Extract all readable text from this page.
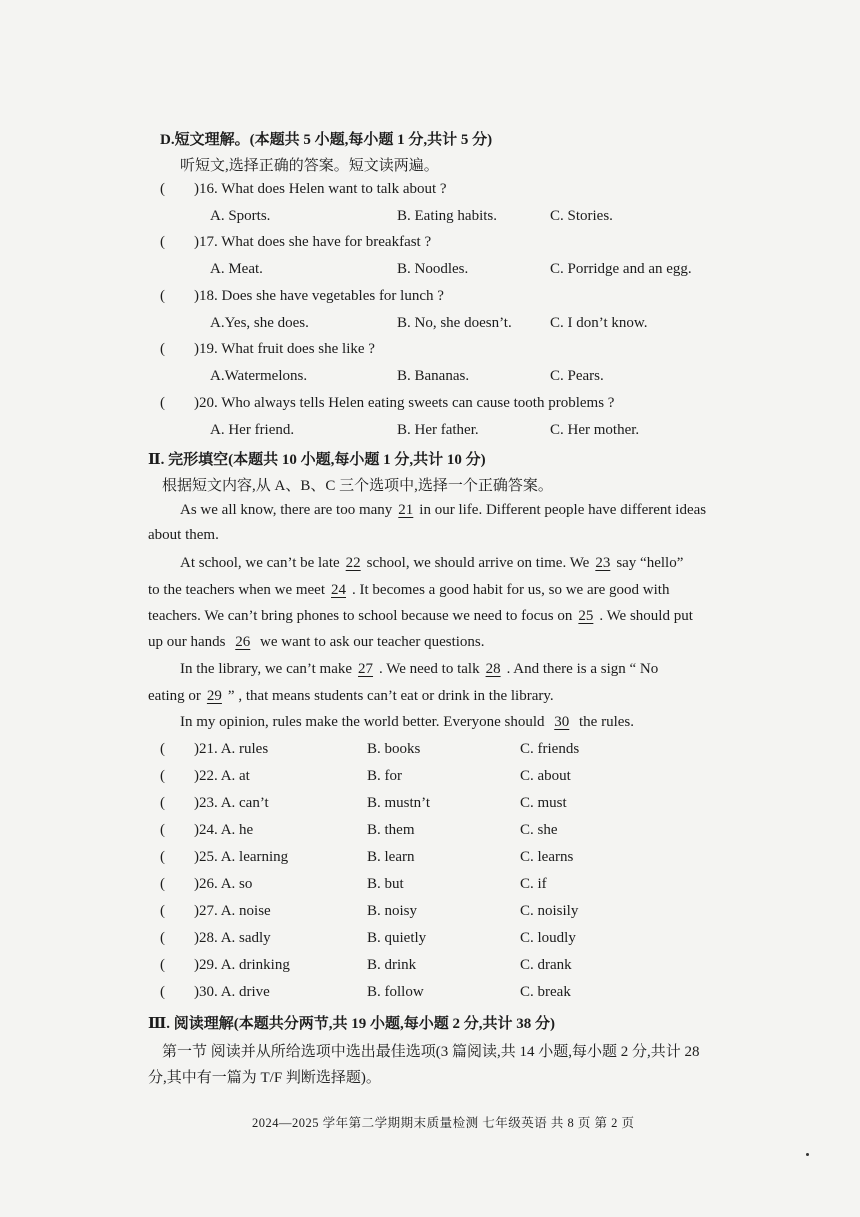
D.短文理解。(本题共 5 小题,每小题 1 分,共计 5 分)
听短文,选择正确的答案。短文读两遍。
( )16. What does Helen want to talk about ?
A. Sports.	B. Eating habits.	C. Stories.
( )17. What does she have for breakfast ?
A. Meat.	B. Noodles.	C. Porridge and an egg.
( )18. Does she have vegetables for lunch ?
A.Yes, she does.	B. No, she doesn’t.	C. I don’t know.
( )19. What fruit does she like ?
A.Watermelons.	B. Bananas.	C. Pears.
( )20. Who always tells Helen eating sweets can cause tooth problems ?
A. Her friend.	B. Her father.	C. Her mother.
Ⅱ. 完形填空(本题共 10 小题,每小题 1 分,共计 10 分)
根据短文内容,从 A、B、C 三个选项中,选择一个正确答案。
As we all know, there are too many 21 in our life. Different people have different ideas
about them.
At school, we can’t be late 22 school, we should arrive on time. We 23 say “hello”
to the teachers when we meet 24 . It becomes a good habit for us, so we are good with
teachers. We can’t bring phones to school because we need to focus on 25 . We should put
up our hands 26 we want to ask our teacher questions.
In the library, we can’t make 27 . We need to talk 28 . And there is a sign “ No
eating or 29 ” , that means students can’t eat or drink in the library.
In my opinion, rules make the world better. Everyone should 30 the rules.
( )21. A. rules	B. books	C. friends
( )22. A. at	B. for	C. about
( )23. A. can’t	B. mustn’t	C. must
( )24. A. he	B. them	C. she
( )25. A. learning	B. learn	C. learns
( )26. A. so	B. but	C. if
( )27. A. noise	B. noisy	C. noisily
( )28. A. sadly	B. quietly	C. loudly
( )29. A. drinking	B. drink	C. drank
( )30. A. drive	B. follow	C. break
Ⅲ. 阅读理解(本题共分两节,共 19 小题,每小题 2 分,共计 38 分)
第一节 阅读并从所给选项中选出最佳选项(3 篇阅读,共 14 小题,每小题 2 分,共计 28
分,其中有一篇为 T/F 判断选择题)。
2024—2025 学年第二学期期末质量检测 七年级英语 共 8 页 第 2 页
